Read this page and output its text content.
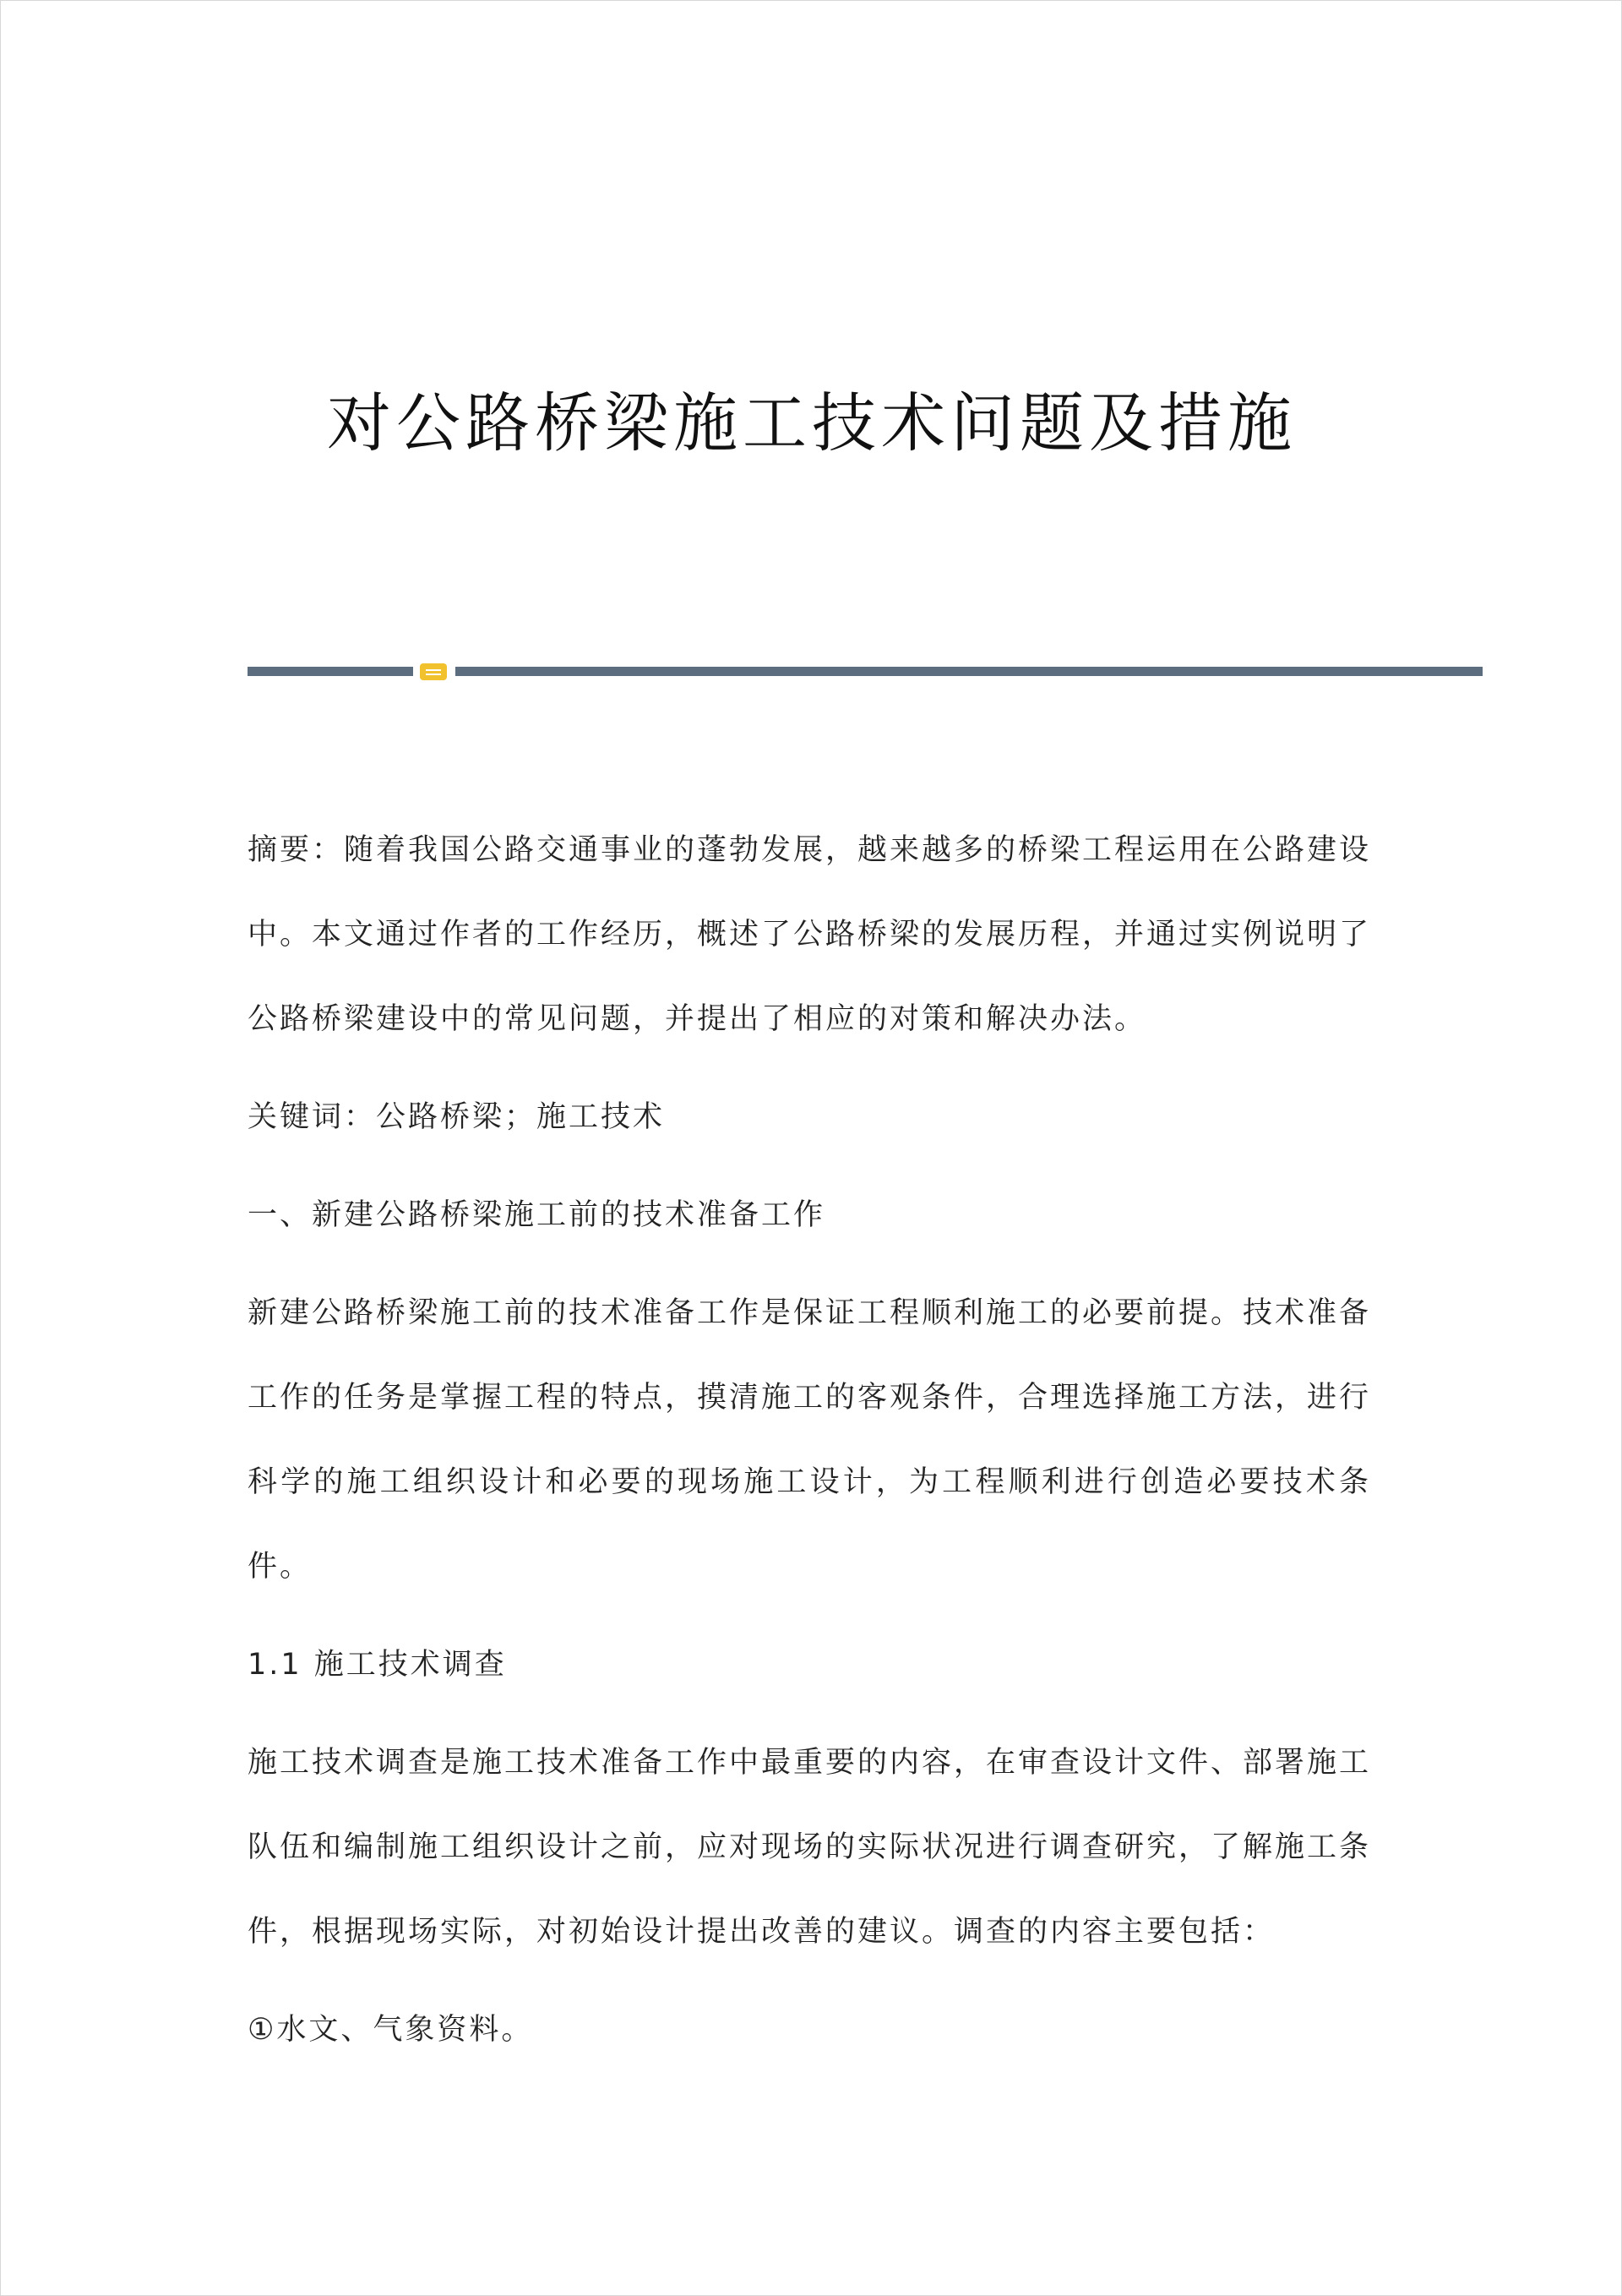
对公路桥梁施工技术问题及措施

摘要：随着我国公路交通事业的蓬勃发展，越来越多的桥梁工程运用在公路建设中。本文通过作者的工作经历，概述了公路桥梁的发展历程，并通过实例说明了公路桥梁建设中的常见问题，并提出了相应的对策和解决办法。

关键词：公路桥梁；施工技术

一、新建公路桥梁施工前的技术准备工作

新建公路桥梁施工前的技术准备工作是保证工程顺利施工的必要前提。技术准备工作的任务是掌握工程的特点，摸清施工的客观条件，合理选择施工方法，进行科学的施工组织设计和必要的现场施工设计，为工程顺利进行创造必要技术条件。

1.1 施工技术调查

施工技术调查是施工技术准备工作中最重要的内容，在审查设计文件、部署施工队伍和编制施工组织设计之前，应对现场的实际状况进行调查研究，了解施工条件，根据现场实际，对初始设计提出改善的建议。调查的内容主要包括：

①水文、气象资料。
